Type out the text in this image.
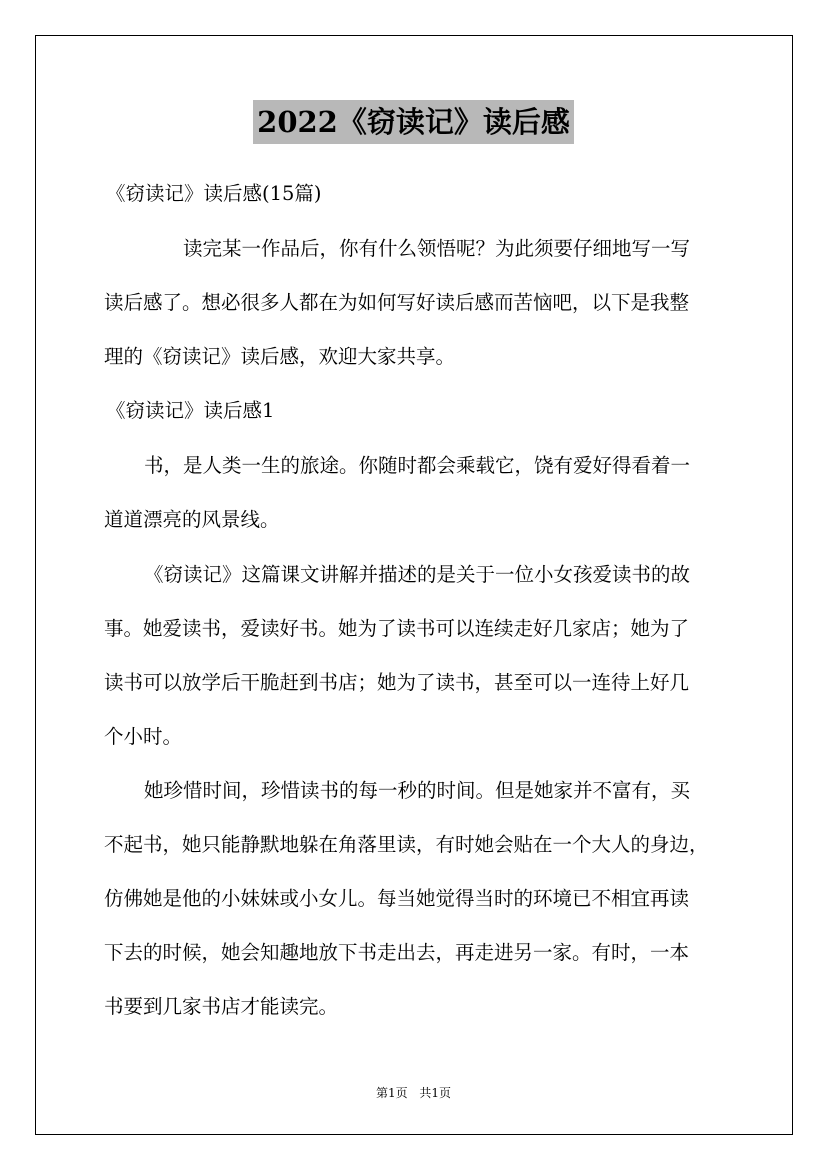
2022《窃读记》读后感
《窃读记》读后感(15篇)
读完某一作品后，你有什么领悟呢？为此须要仔细地写一写
读后感了。想必很多人都在为如何写好读后感而苦恼吧，以下是我整
理的《窃读记》读后感，欢迎大家共享。
《窃读记》读后感1
书，是人类一生的旅途。你随时都会乘载它，饶有爱好得看着一
道道漂亮的风景线。
《窃读记》这篇课文讲解并描述的是关于一位小女孩爱读书的故
事。她爱读书，爱读好书。她为了读书可以连续走好几家店；她为了
读书可以放学后干脆赶到书店；她为了读书，甚至可以一连待上好几
个小时。
她珍惜时间，珍惜读书的每一秒的时间。但是她家并不富有，买
不起书，她只能静默地躲在角落里读，有时她会贴在一个大人的身边，
仿佛她是他的小妹妹或小女儿。每当她觉得当时的环境已不相宜再读
下去的时候，她会知趣地放下书走出去，再走进另一家。有时，一本
书要到几家书店才能读完。
第1页 共1页
